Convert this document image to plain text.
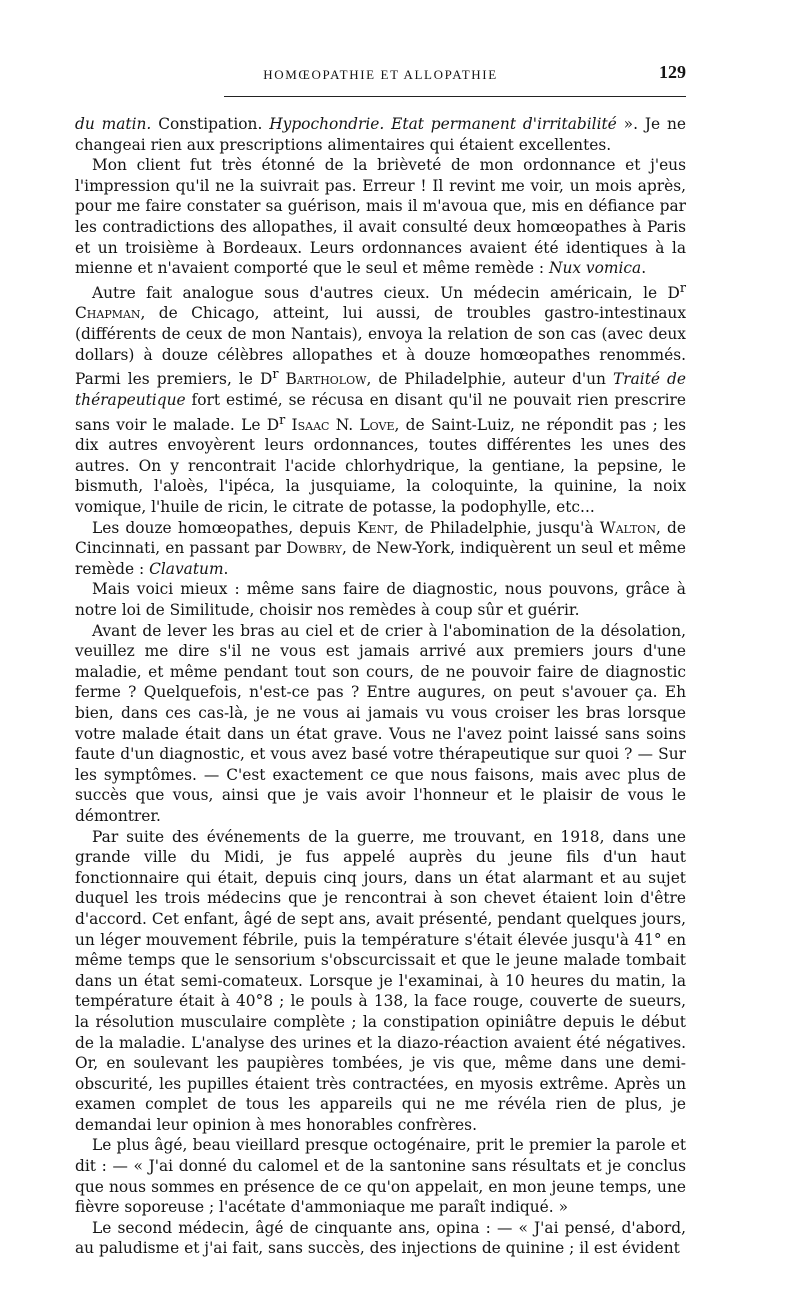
HOMŒOPATHIE ET ALLOPATHIE	129

du matin. Constipation. Hypochondrie. Etat permanent d'irritabilité ». Je ne changeai rien aux prescriptions alimentaires qui étaient excellentes.

Mon client fut très étonné de la brièveté de mon ordonnance et j'eus l'impression qu'il ne la suivrait pas. Erreur ! Il revint me voir, un mois après, pour me faire constater sa guérison, mais il m'avoua que, mis en défiance par les contradictions des allopathes, il avait consulté deux homœopathes à Paris et un troisième à Bordeaux. Leurs ordonnances avaient été identiques à la mienne et n'avaient comporté que le seul et même remède : Nux vomica.

Autre fait analogue sous d'autres cieux. Un médecin américain, le $D^r$ Chapman, de Chicago, atteint, lui aussi, de troubles gastro-intestinaux (différents de ceux de mon Nantais), envoya la relation de son cas (avec deux dollars) à douze célèbres allopathes et à douze homœopathes renommés. Parmi les premiers, le $D^r$ Bartholow, de Philadelphie, auteur d'un Traité de thérapeutique fort estimé, se récusa en disant qu'il ne pouvait rien prescrire sans voir le malade. Le $D^r$ Isaac N. Love, de Saint-Luiz, ne répondit pas ; les dix autres envoyèrent leurs ordonnances, toutes différentes les unes des autres. On y rencontrait l'acide chlorhydrique, la gentiane, la pepsine, le bismuth, l'aloès, l'ipéca, la jusquiame, la coloquinte, la quinine, la noix vomique, l'huile de ricin, le citrate de potasse, la podophylle, etc...

Les douze homœopathes, depuis Kent, de Philadelphie, jusqu'à Walton, de Cincinnati, en passant par Dowbry, de New-York, indiquèrent un seul et même remède : Clavatum.

Mais voici mieux : même sans faire de diagnostic, nous pouvons, grâce à notre loi de Similitude, choisir nos remèdes à coup sûr et guérir.

Avant de lever les bras au ciel et de crier à l'abomination de la désolation, veuillez me dire s'il ne vous est jamais arrivé aux premiers jours d'une maladie, et même pendant tout son cours, de ne pouvoir faire de diagnostic ferme ? Quelquefois, n'est-ce pas ? Entre augures, on peut s'avouer ça. Eh bien, dans ces cas-là, je ne vous ai jamais vu vous croiser les bras lorsque votre malade était dans un état grave. Vous ne l'avez point laissé sans soins faute d'un diagnostic, et vous avez basé votre thérapeutique sur quoi ? — Sur les symptômes. — C'est exactement ce que nous faisons, mais avec plus de succès que vous, ainsi que je vais avoir l'honneur et le plaisir de vous le démontrer.

Par suite des événements de la guerre, me trouvant, en 1918, dans une grande ville du Midi, je fus appelé auprès du jeune fils d'un haut fonctionnaire qui était, depuis cinq jours, dans un état alarmant et au sujet duquel les trois médecins que je rencontrai à son chevet étaient loin d'être d'accord. Cet enfant, âgé de sept ans, avait présenté, pendant quelques jours, un léger mouvement fébrile, puis la température s'était élevée jusqu'à 41° en même temps que le sensorium s'obscurcissait et que le jeune malade tombait dans un état semi-comateux. Lorsque je l'examinai, à 10 heures du matin, la température était à 40°8 ; le pouls à 138, la face rouge, couverte de sueurs, la résolution musculaire complète ; la constipation opiniâtre depuis le début de la maladie. L'analyse des urines et la diazo-réaction avaient été négatives. Or, en soulevant les paupières tombées, je vis que, même dans une demi-obscurité, les pupilles étaient très contractées, en myosis extrême. Après un examen complet de tous les appareils qui ne me révéla rien de plus, je demandai leur opinion à mes honorables confrères.

Le plus âgé, beau vieillard presque octogénaire, prit le premier la parole et dit : — « J'ai donné du calomel et de la santonine sans résultats et je conclus que nous sommes en présence de ce qu'on appelait, en mon jeune temps, une fièvre soporeuse ; l'acétate d'ammoniaque me paraît indiqué. »

Le second médecin, âgé de cinquante ans, opina : — « J'ai pensé, d'abord, au paludisme et j'ai fait, sans succès, des injections de quinine ; il est évident
